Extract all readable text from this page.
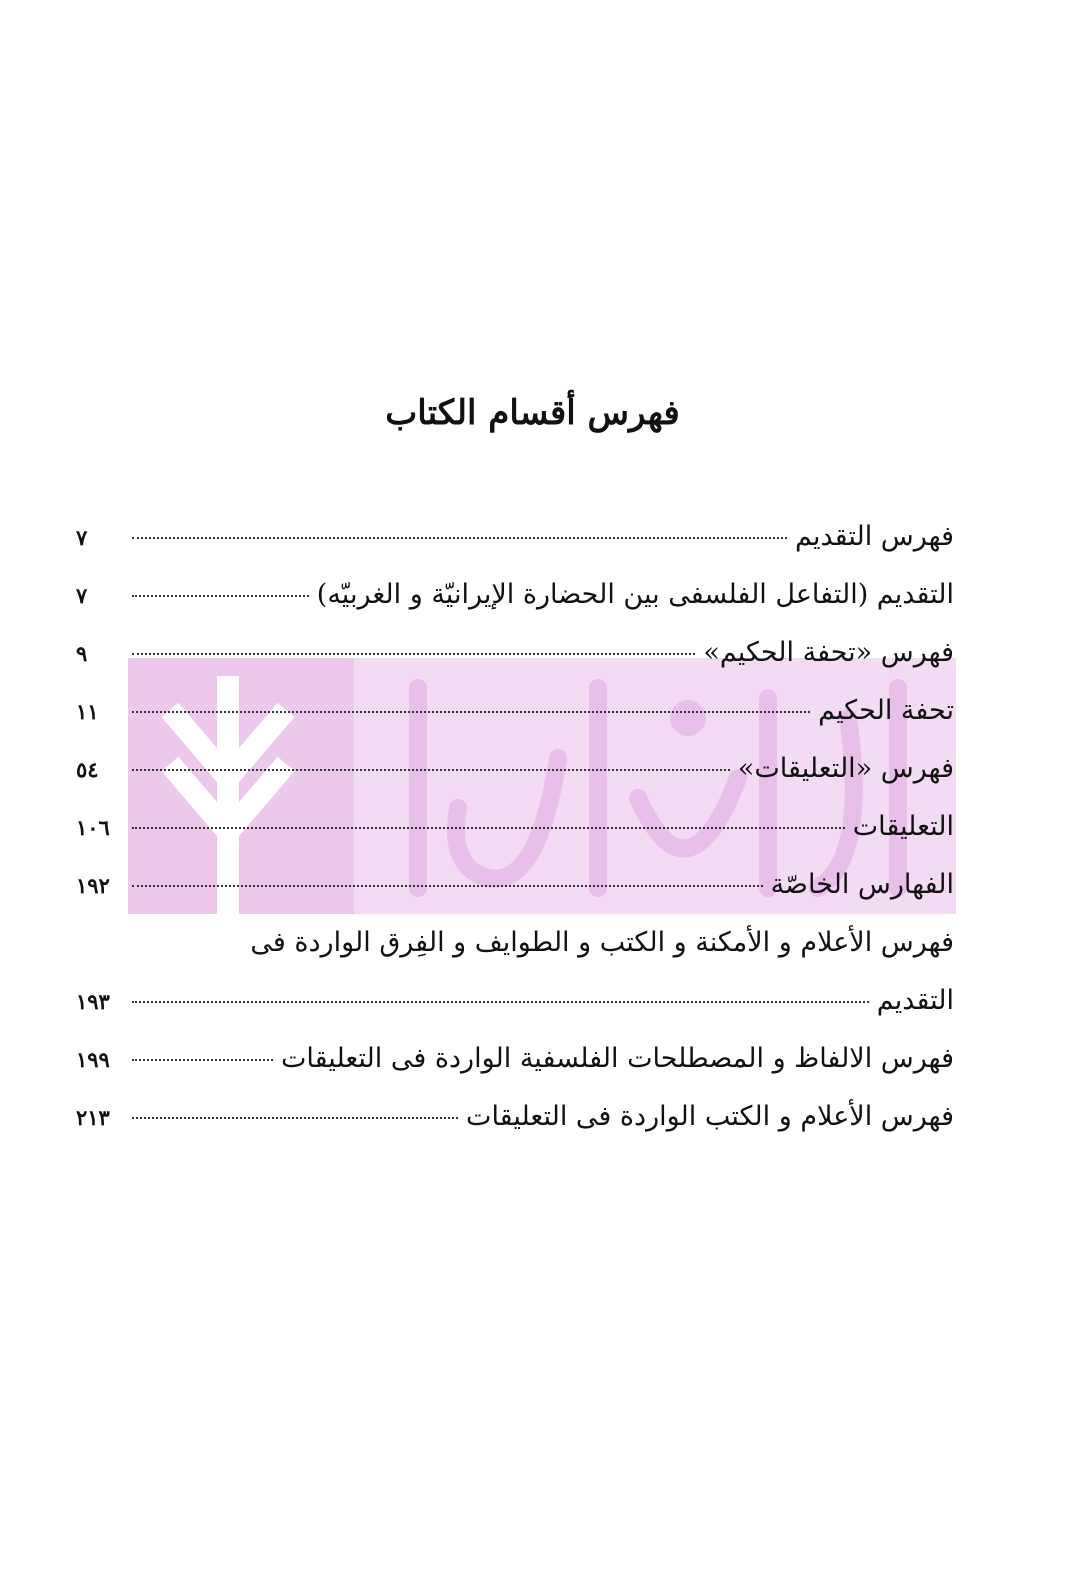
فهرس أقسام الكتاب
فهرس التقديم
٧
التقديم (التفاعل الفلسفى بين الحضارة الإيرانيّة و الغربيّه)
٧
فهرس «تحفة الحكيم»
٩
تحفة الحكيم
١١
فهرس «التعليقات»
٥٤
التعليقات
١٠٦
الفهارس الخاصّة
١٩٢
فهرس الأعلام و الأمكنة و الكتب و الطوايف و الفِرق الواردة فى
التقديم
١٩٣
فهرس الالفاظ و المصطلحات الفلسفية الواردة فى التعليقات
١٩٩
فهرس الأعلام و الكتب الواردة فى التعليقات
٢١٣
